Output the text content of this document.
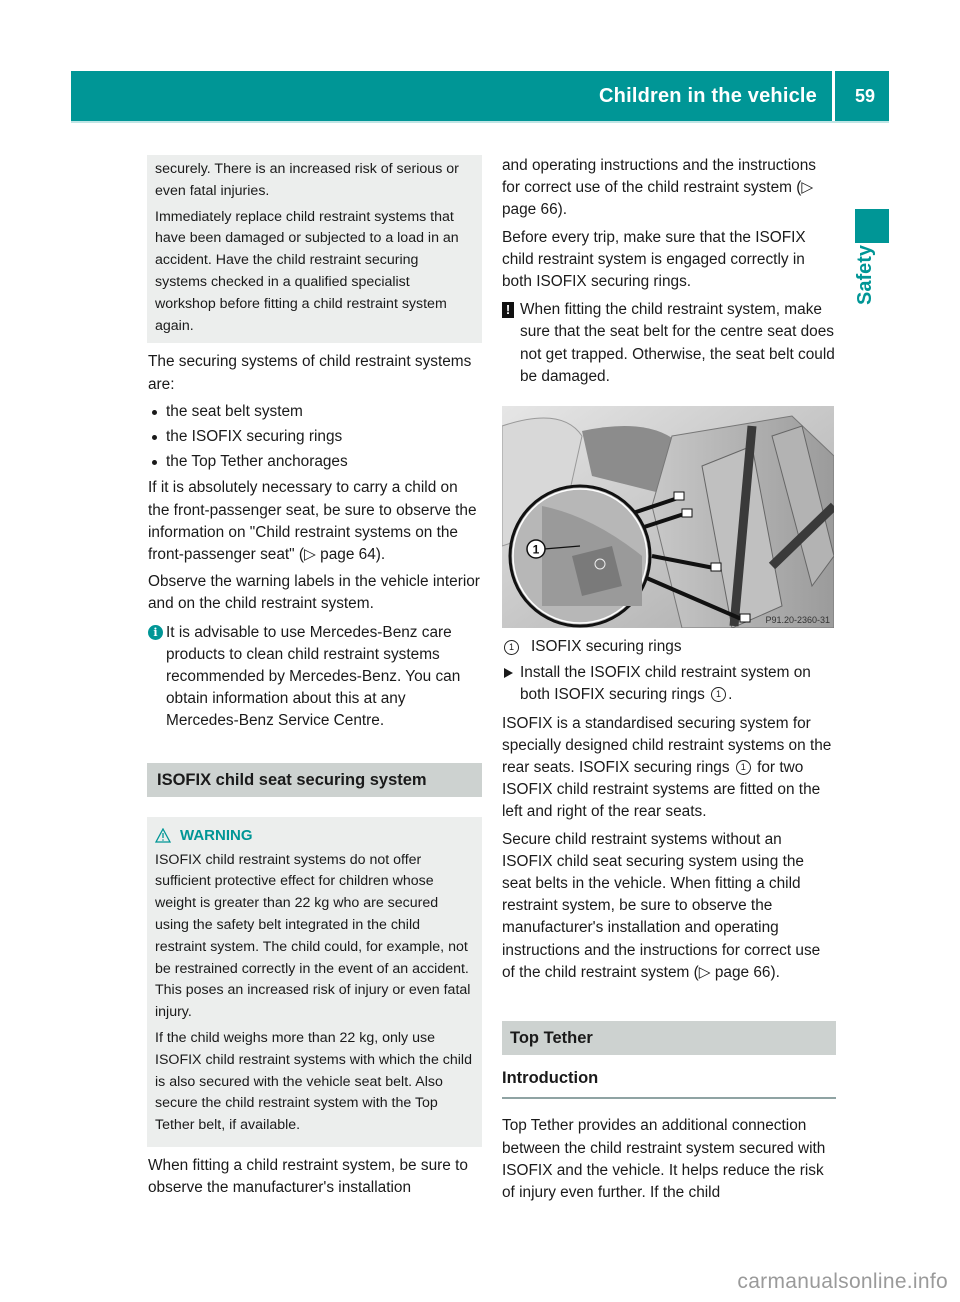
Children in the vehicle 59
Safety

securely. There is an increased risk of serious or even fatal injuries.

Immediately replace child restraint systems that have been damaged or subjected to a load in an accident. Have the child restraint securing systems checked in a qualified specialist workshop before fitting a child restraint system again.

The securing systems of child restraint systems are:

the seat belt system
the ISOFIX securing rings
the Top Tether anchorages

If it is absolutely necessary to carry a child on the front-passenger seat, be sure to observe the information on "Child restraint systems on the front-passenger seat" (▷ page 64).

Observe the warning labels in the vehicle interior and on the child restraint system.

i It is advisable to use Mercedes-Benz care products to clean child restraint systems recommended by Mercedes-Benz. You can obtain information about this at any Mercedes-Benz Service Centre.
ISOFIX child seat securing system
WARNING

ISOFIX child restraint systems do not offer sufficient protective effect for children whose weight is greater than 22 kg who are secured using the safety belt integrated in the child restraint system. The child could, for example, not be restrained correctly in the event of an accident. This poses an increased risk of injury or even fatal injury.

If the child weighs more than 22 kg, only use ISOFIX child restraint systems with which the child is also secured with the vehicle seat belt. Also secure the child restraint system with the Top Tether belt, if available.

When fitting a child restraint system, be sure to observe the manufacturer's installation

and operating instructions and the instructions for correct use of the child restraint system (▷ page 66).

Before every trip, make sure that the ISOFIX child restraint system is engaged correctly in both ISOFIX securing rings.

! When fitting the child restraint system, make sure that the seat belt for the centre seat does not get trapped. Otherwise, the seat belt could be damaged.
1
P91.20-2360-31
1	ISOFIX securing rings
Install the ISOFIX child restraint system on both ISOFIX securing rings 1 .

ISOFIX is a standardised securing system for specially designed child restraint systems on the rear seats. ISOFIX securing rings 1 for two ISOFIX child restraint systems are fitted on the left and right of the rear seats.

Secure child restraint systems without an ISOFIX child seat securing system using the seat belts in the vehicle. When fitting a child restraint system, be sure to observe the manufacturer's installation and operating instructions and the instructions for correct use of the child restraint system (▷ page 66).

Top Tether
Introduction

Top Tether provides an additional connection between the child restraint system secured with ISOFIX and the vehicle. It helps reduce the risk of injury even further. If the child

carmanualsonline.info
